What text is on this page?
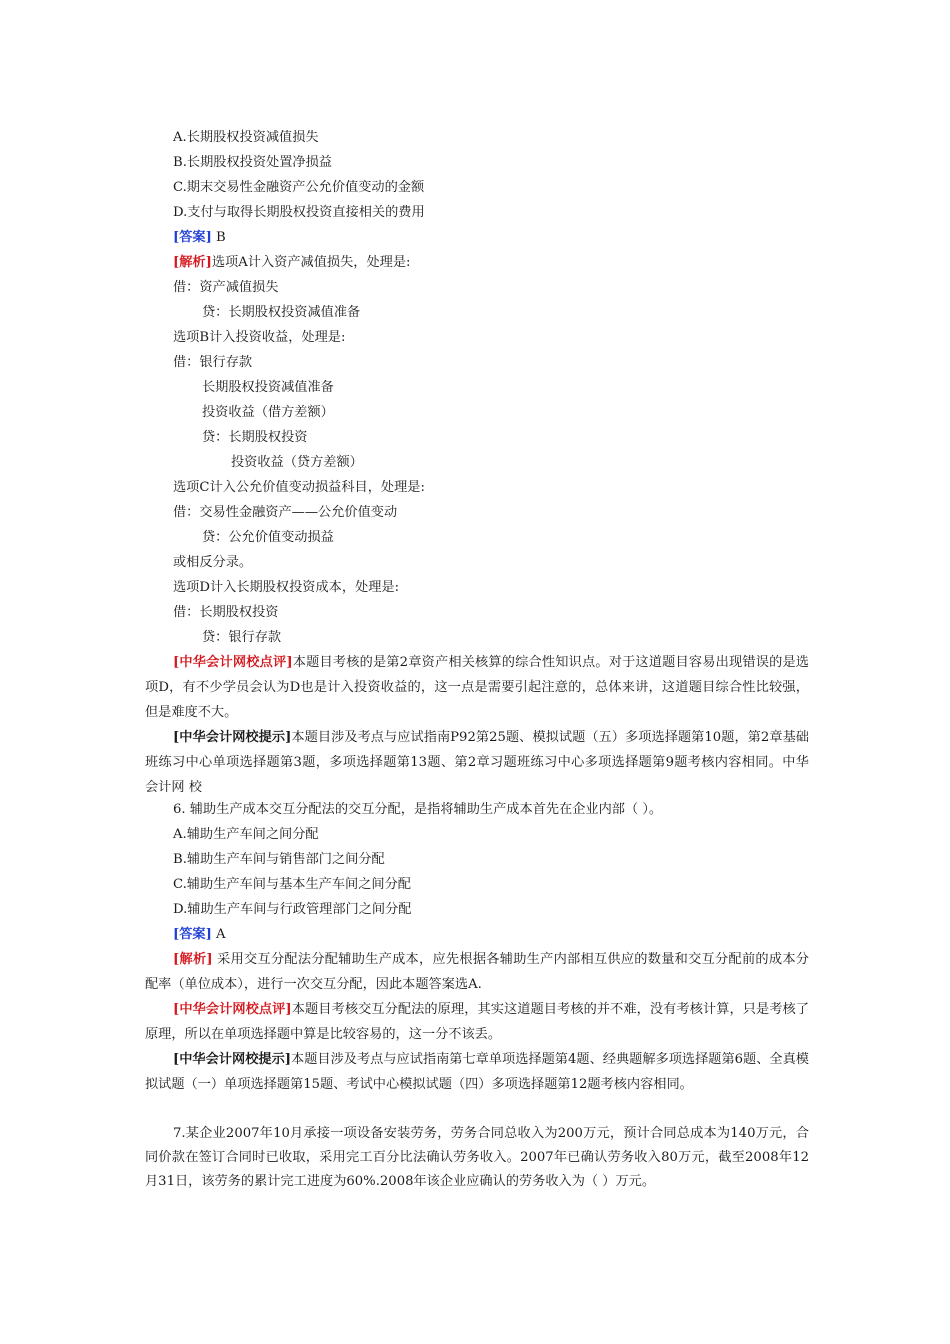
A.长期股权投资减值损失
B.长期股权投资处置净损益
C.期末交易性金融资产公允价值变动的金额
D.支付与取得长期股权投资直接相关的费用
[答案] B
[解析]选项A计入资产减值损失，处理是:
借：资产减值损失
贷：长期股权投资减值准备
选项B计入投资收益，处理是:
借：银行存款
长期股权投资减值准备
投资收益（借方差额）
贷：长期股权投资
投资收益（贷方差额）
选项C计入公允价值变动损益科目，处理是:
借：交易性金融资产——公允价值变动
贷：公允价值变动损益
或相反分录。
选项D计入长期股权投资成本，处理是:
借：长期股权投资
贷：银行存款
[中华会计网校点评]本题目考核的是第2章资产相关核算的综合性知识点。对于这道题目容易出现错误的是选项D，有不少学员会认为D也是计入投资收益的，这一点是需要引起注意的，总体来讲，这道题目综合性比较强，但是难度不大。
[中华会计网校提示]本题目涉及考点与应试指南P92第25题、模拟试题（五）多项选择题第10题，第2章基础班练习中心单项选择题第3题，多项选择题第13题、第2章习题班练习中心多项选择题第9题考核内容相同。中华 会计网 校
6. 辅助生产成本交互分配法的交互分配，是指将辅助生产成本首先在企业内部（ ）。
A.辅助生产车间之间分配
B.辅助生产车间与销售部门之间分配
C.辅助生产车间与基本生产车间之间分配
D.辅助生产车间与行政管理部门之间分配
[答案] A
[解析] 采用交互分配法分配辅助生产成本，应先根据各辅助生产内部相互供应的数量和交互分配前的成本分配率（单位成本），进行一次交互分配，因此本题答案选A.
[中华会计网校点评]本题目考核交互分配法的原理，其实这道题目考核的并不难，没有考核计算，只是考核了原理，所以在单项选择题中算是比较容易的，这一分不该丢。
[中华会计网校提示]本题目涉及考点与应试指南第七章单项选择题第4题、经典题解多项选择题第6题、全真模拟试题（一）单项选择题第15题、考试中心模拟试题（四）多项选择题第12题考核内容相同。
7.某企业2007年10月承接一项设备安装劳务，劳务合同总收入为200万元，预计合同总成本为140万元，合同价款在签订合同时已收取，采用完工百分比法确认劳务收入。2007年已确认劳务收入80万元，截至2008年12月31日，该劳务的累计完工进度为60%.2008年该企业应确认的劳务收入为（ ）万元。
